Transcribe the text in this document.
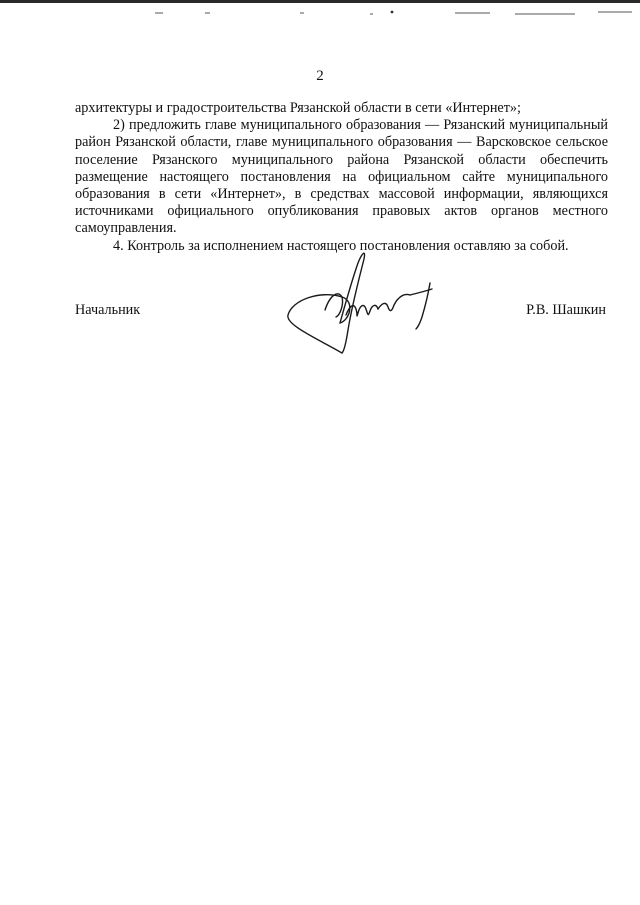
2

архитектуры и градостроительства Рязанской области в сети «Интернет»;

2) предложить главе муниципального образования — Рязанский муниципальный район Рязанской области, главе муниципального образования — Варсковское сельское поселение Рязанского муниципального района Рязанской области обеспечить размещение настоящего постановления на официальном сайте муниципального образования в сети «Интернет», в средствах массовой информации, являющихся источниками официального опубликования правовых актов органов местного самоуправления.

4. Контроль за исполнением настоящего постановления оставляю за собой.

Начальник	Р.В. Шашкин
